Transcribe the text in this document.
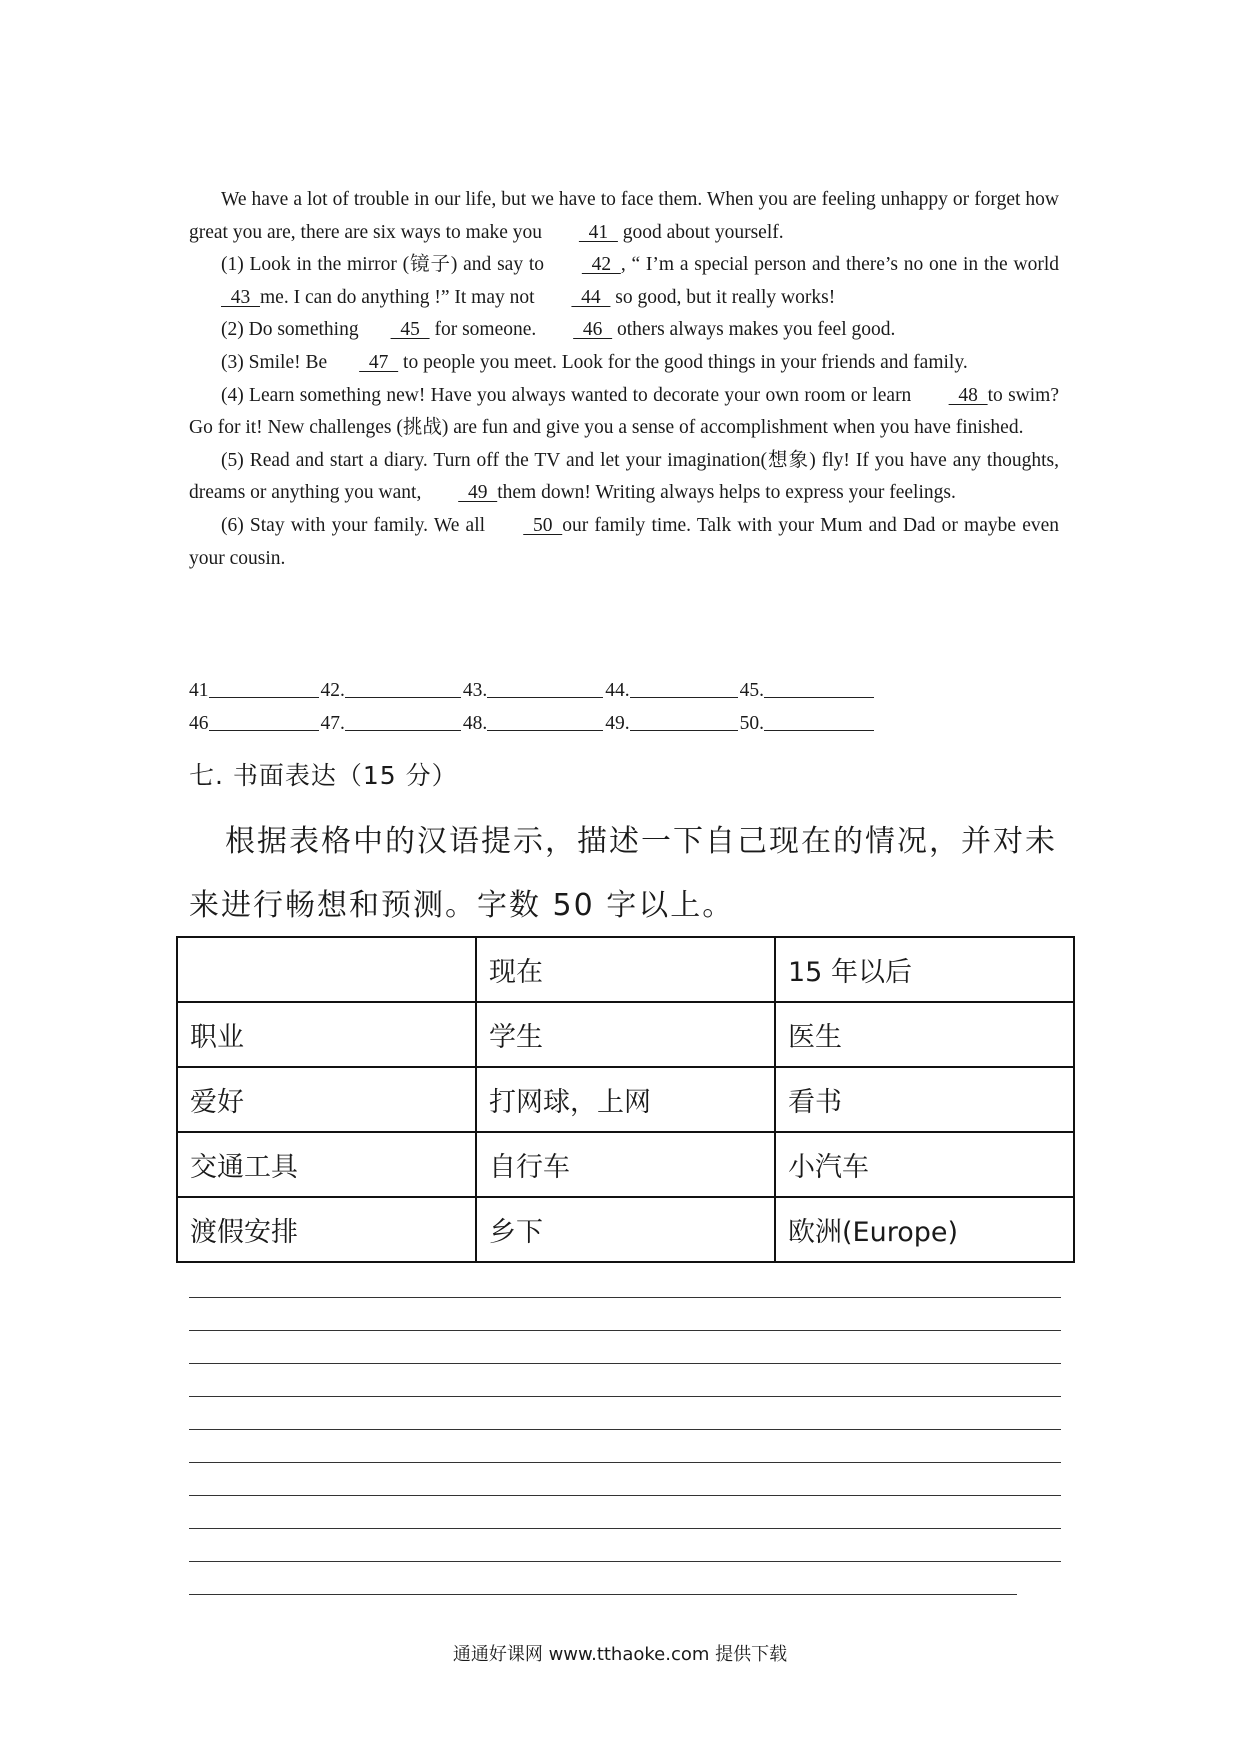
We have a lot of trouble in our life, but we have to face them. When you are feeling unhappy or forget how great you are, there are six ways to make you   41   good about yourself.

(1) Look in the mirror (镜子) and say to   42  , “ I’m a special person and there’s no one in the world   43  me. I can do anything !” It may not   44   so good, but it really works!

(2) Do something  45   for someone.   46   others always makes you feel good.

(3) Smile! Be  47   to people you meet. Look for the good things in your friends and family.

(4) Learn something new! Have you always wanted to decorate your own room or learn   48  to swim? Go for it! New challenges (挑战) are fun and give you a sense of accomplishment when you have finished.

(5) Read and start a diary. Turn off the TV and let your imagination(想象) fly! If you have any thoughts, dreams or anything you want,   49  them down! Writing always helps to express your feelings.

(6) Stay with your family. We all   50  our family time. Talk with your Mum and Dad or maybe even your cousin.

41	42.	43.	44.	45.
46	47.	48.	49.	50.
七. 书面表达（15 分）
根据表格中的汉语提示，描述一下自己现在的情况，并对未来进行畅想和预测。字数 50 字以上。
	现在	15 年以后
职业	学生	医生
爱好	打网球，上网	看书
交通工具	自行车	小汽车
渡假安排	乡下	欧洲(Europe)
通通好课网 www.tthaoke.com 提供下载
